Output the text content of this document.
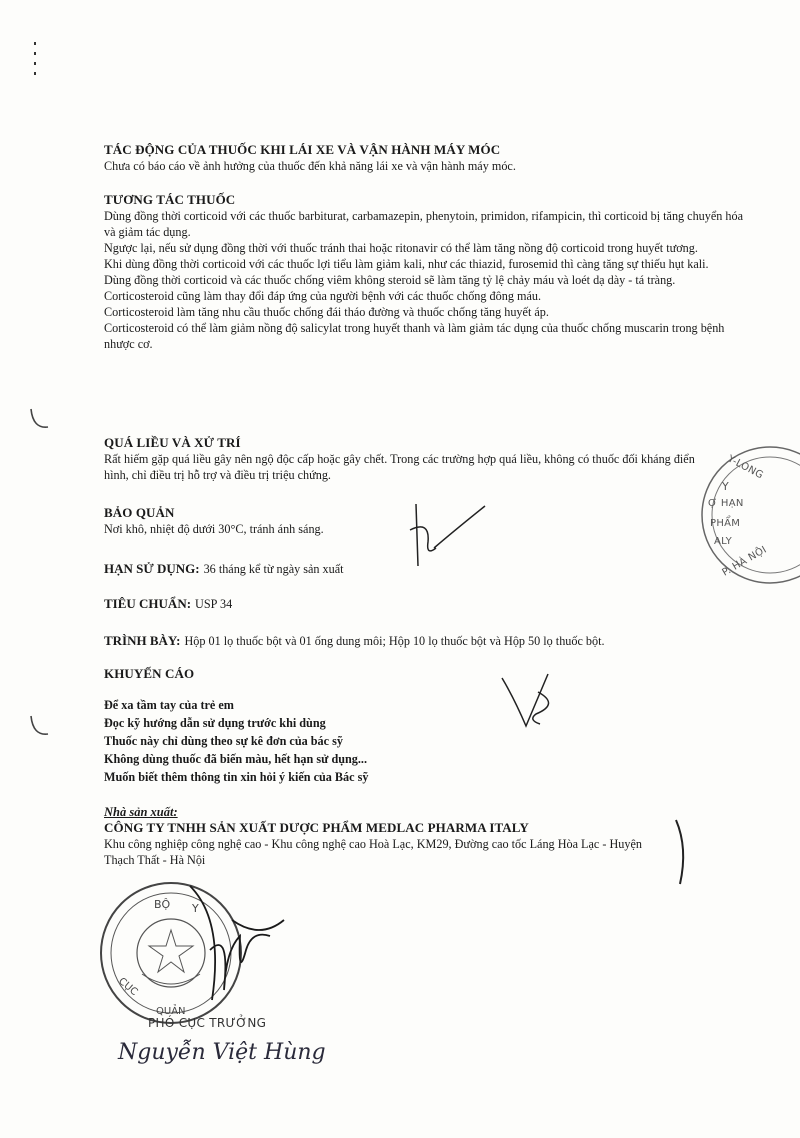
TÁC ĐỘNG CỦA THUỐC KHI LÁI XE VÀ VẬN HÀNH MÁY MÓC

Chưa có báo cáo về ảnh hưởng của thuốc đến khả năng lái xe và vận hành máy móc.

TƯƠNG TÁC THUỐC

Dùng đồng thời corticoid với các thuốc barbiturat, carbamazepin, phenytoin, primidon, rifampicin, thì corticoid bị tăng chuyển hóa và giảm tác dụng.

Ngược lại, nếu sử dụng đồng thời với thuốc tránh thai hoặc ritonavir có thể làm tăng nồng độ corticoid trong huyết tương.

Khi dùng đồng thời corticoid với các thuốc lợi tiểu làm giảm kali, như các thiazid, furosemid thì càng tăng sự thiếu hụt kali.

Dùng đồng thời corticoid và các thuốc chống viêm không steroid sẽ làm tăng tỷ lệ chảy máu và loét dạ dày - tá tràng.

Corticosteroid cũng làm thay đổi đáp ứng của người bệnh với các thuốc chống đông máu.

Corticosteroid làm tăng nhu cầu thuốc chống đái tháo đường và thuốc chống tăng huyết áp.

Corticosteroid có thể làm giảm nồng độ salicylat trong huyết thanh và làm giảm tác dụng của thuốc chống muscarin trong bệnh nhược cơ.

QUÁ LIỀU VÀ XỬ TRÍ

Rất hiếm gặp quá liều gây nên ngộ độc cấp hoặc gây chết. Trong các trường hợp quá liều, không có thuốc đối kháng điển hình, chỉ điều trị hỗ trợ và điều trị triệu chứng.

BẢO QUẢN

Nơi khô, nhiệt độ dưới 30°C, tránh ánh sáng.

HẠN SỬ DỤNG: 36 tháng kể từ ngày sản xuất
TIÊU CHUẨN: USP 34
TRÌNH BÀY: Hộp 01 lọ thuốc bột và 01 ống dung môi; Hộp 10 lọ thuốc bột và Hộp 50 lọ thuốc bột.
KHUYẾN CÁO
Để xa tầm tay của trẻ em
Đọc kỹ hướng dẫn sử dụng trước khi dùng
Thuốc này chỉ dùng theo sự kê đơn của bác sỹ
Không dùng thuốc đã biến màu, hết hạn sử dụng...
Muốn biết thêm thông tin xin hỏi ý kiến của Bác sỹ
Nhà sản xuất:
CÔNG TY TNHH SẢN XUẤT DƯỢC PHẨM MEDLAC PHARMA ITALY

Khu công nghiệp công nghệ cao - Khu công nghệ cao Hoà Lạc, KM29, Đường cao tốc Láng Hòa Lạc - Huyện

Thạch Thất - Hà Nội

Y-LONG
Y
Ợ HẠN
PHẨM
ALY
P. HÀ NỘI
BỘ Y
CỤC
QUẢN
PHÓ CỤC TRƯỞNG
Nguyễn Việt Hùng
